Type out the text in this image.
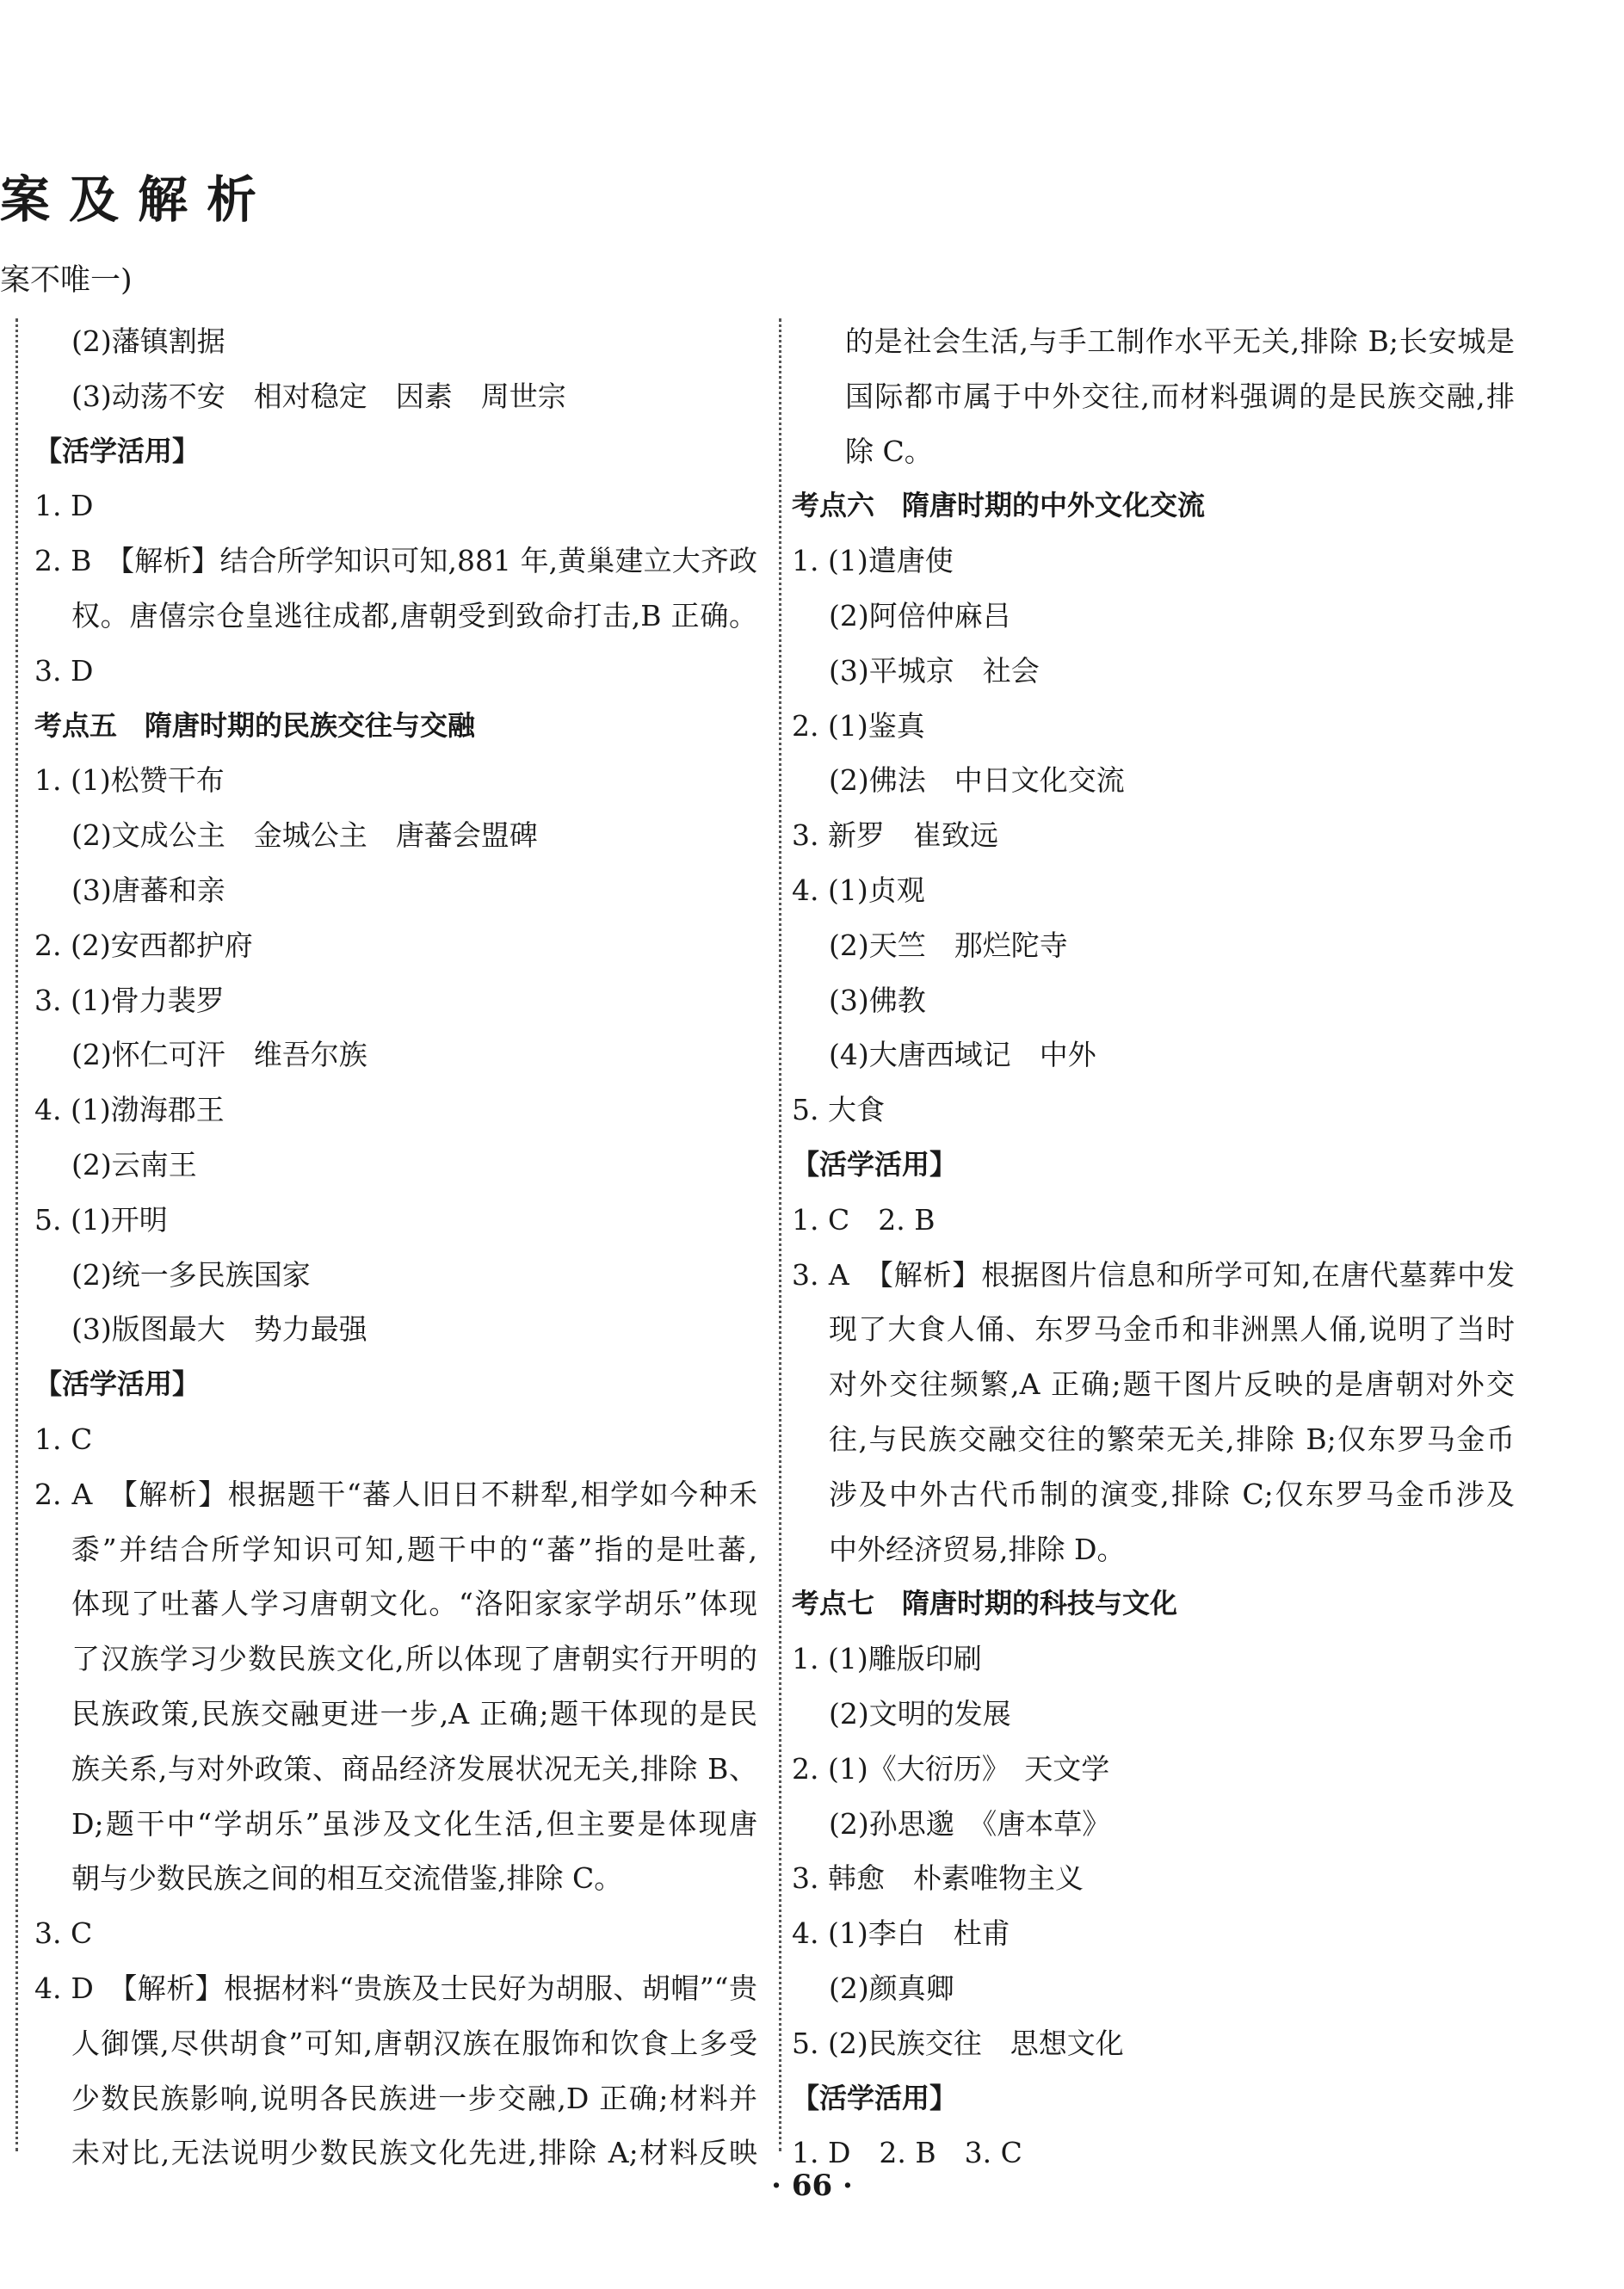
案及解析
案不唯一)
(2)藩镇割据
(3)动荡不安　相对稳定　因素　周世宗
【活学活用】
1. D
2. B　【解析】结合所学知识可知,881 年,黄巢建立大齐政
权。唐僖宗仓皇逃往成都,唐朝受到致命打击,B 正确。
3. D
考点五　隋唐时期的民族交往与交融
1. (1)松赞干布
(2)文成公主　金城公主　唐蕃会盟碑
(3)唐蕃和亲
2. (2)安西都护府
3. (1)骨力裴罗
(2)怀仁可汗　维吾尔族
4. (1)渤海郡王
(2)云南王
5. (1)开明
(2)统一多民族国家
(3)版图最大　势力最强
【活学活用】
1. C
2. A　【解析】根据题干“蕃人旧日不耕犁,相学如今种禾
黍”并结合所学知识可知,题干中的“蕃”指的是吐蕃,
体现了吐蕃人学习唐朝文化。“洛阳家家学胡乐”体现
了汉族学习少数民族文化,所以体现了唐朝实行开明的
民族政策,民族交融更进一步,A 正确;题干体现的是民
族关系,与对外政策、商品经济发展状况无关,排除 B、
D;题干中“学胡乐”虽涉及文化生活,但主要是体现唐
朝与少数民族之间的相互交流借鉴,排除 C。
3. C
4. D　【解析】根据材料“贵族及士民好为胡服、胡帽”“贵
人御馔,尽供胡食”可知,唐朝汉族在服饰和饮食上多受
少数民族影响,说明各民族进一步交融,D 正确;材料并
未对比,无法说明少数民族文化先进,排除 A;材料反映
的是社会生活,与手工制作水平无关,排除 B;长安城是
国际都市属于中外交往,而材料强调的是民族交融,排
除 C。
考点六　隋唐时期的中外文化交流
1. (1)遣唐使
(2)阿倍仲麻吕
(3)平城京　社会
2. (1)鉴真
(2)佛法　中日文化交流
3. 新罗　崔致远
4. (1)贞观
(2)天竺　那烂陀寺
(3)佛教
(4)大唐西域记　中外
5. 大食
【活学活用】
1. C　2. B
3. A　【解析】根据图片信息和所学可知,在唐代墓葬中发
现了大食人俑、东罗马金币和非洲黑人俑,说明了当时
对外交往频繁,A 正确;题干图片反映的是唐朝对外交
往,与民族交融交往的繁荣无关,排除 B;仅东罗马金币
涉及中外古代币制的演变,排除 C;仅东罗马金币涉及
中外经济贸易,排除 D。
考点七　隋唐时期的科技与文化
1. (1)雕版印刷
(2)文明的发展
2. (1)《大衍历》　天文学
(2)孙思邈　《唐本草》
3. 韩愈　朴素唯物主义
4. (1)李白　杜甫
(2)颜真卿
5. (2)民族交往　思想文化
【活学活用】
1. D　2. B　3. C
· 66 ·
